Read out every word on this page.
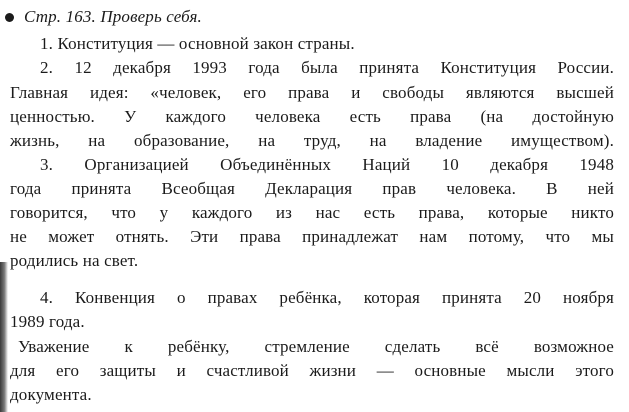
Стр. 163. Проверь себя.
1. Конституция — основной закон страны.
2. 12 декабря 1993 года была принята Конституция России.
Главная идея: «человек, его права и свободы являются высшей
ценностью. У каждого человека есть права (на достойную
жизнь, на образование, на труд, на владение имуществом).
3. Организацией Объединённых Наций 10 декабря 1948
года принята Всеобщая Декларация прав человека. В ней
говорится, что у каждого из нас есть права, которые никто
не может отнять. Эти права принадлежат нам потому, что мы
родились на свет.
4. Конвенция о правах ребёнка, которая принята 20 ноября
1989 года.
Уважение к ребёнку, стремление сделать всё возможное
для его защиты и счастливой жизни — основные мысли этого
документа.
